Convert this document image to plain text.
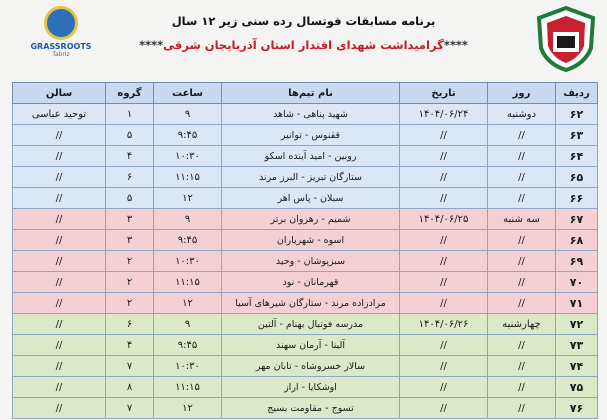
GRASSROOTS
Tabriz
برنامه مسابقات فوتسال رده سنی زیر ۱۲ سال
****گرامیداشت شهدای اقتدار استان آذربایجان شرقی****
ردیف	روز	تاریخ	نام تیم‌ها	ساعت	گروه	سالن
۶۲	دوشنبه	۱۴۰۴/۰۶/۲۴	شهید پناهی - شاهد	۹	۱	توحید عباسی
۶۳	//	//	ققنوس - توانیر	۹:۴۵	۵	//
۶۴	//	//	روبین - امید آینده اسکو	۱۰:۳۰	۴	//
۶۵	//	//	ستارگان تبریز - البرز مرند	۱۱:۱۵	۶	//
۶۶	//	//	سبلان - پاس اهر	۱۲	۵	//
۶۷	سه شنبه	۱۴۰۴/۰۶/۲۵	شمیم - رهروان برتر	۹	۳	//
۶۸	//	//	اسوه - شهریاران	۹:۴۵	۳	//
۶۹	//	//	سبزپوشان - وحید	۱۰:۳۰	۲	//
۷۰	//	//	قهرمانان - نود	۱۱:۱۵	۲	//
۷۱	//	//	مرادزاده مرند - ستارگان شیرهای آسیا	۱۲	۲	//
۷۲	چهارشنبه	۱۴۰۴/۰۶/۲۶	مدرسه فوتبال بهنام - آلتین	۹	۶	//
۷۳	//	//	آلینا - آرمان سهند	۹:۴۵	۴	//
۷۴	//	//	سالار خسروشاه - تابان مهر	۱۰:۳۰	۷	//
۷۵	//	//	اوشکایا - اراز	۱۱:۱۵	۸	//
۷۶	//	//	تسوج - مقاومت بسیج	۱۲	۷	//
